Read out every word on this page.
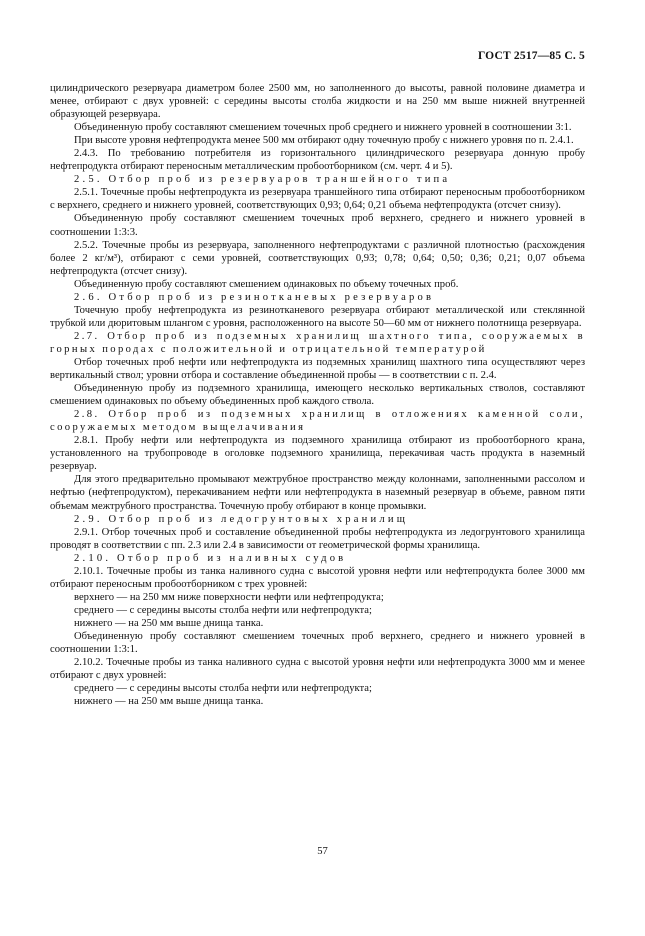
ГОСТ 2517—85 С. 5

цилиндрического резервуара диаметром более 2500 мм, но заполненного до высоты, равной половине диаметра и менее, отбирают с двух уровней: с середины высоты столба жидкости и на 250 мм выше нижней внутренней образующей резервуара.

Объединенную пробу составляют смешением точечных проб среднего и нижнего уровней в соотношении 3:1.

При высоте уровня нефтепродукта менее 500 мм отбирают одну точечную пробу с нижнего уровня по п. 2.4.1.

2.4.3. По требованию потребителя из горизонтального цилиндрического резервуара донную пробу нефтепродукта отбирают переносным металлическим пробоотборником (см. черт. 4 и 5).

2.5. Отбор проб из резервуаров траншейного типа

2.5.1. Точечные пробы нефтепродукта из резервуара траншейного типа отбирают переносным пробоотборником с верхнего, среднего и нижнего уровней, соответствующих 0,93; 0,64; 0,21 объема нефтепродукта (отсчет снизу).

Объединенную пробу составляют смешением точечных проб верхнего, среднего и нижнего уровней в соотношении 1:3:3.

2.5.2. Точечные пробы из резервуара, заполненного нефтепродуктами с различной плотностью (расхождения более 2 кг/м³), отбирают с семи уровней, соответствующих 0,93; 0,78; 0,64; 0,50; 0,36; 0,21; 0,07 объема нефтепродукта (отсчет снизу).

Объединенную пробу составляют смешением одинаковых по объему точечных проб.

2.6. Отбор проб из резинотканевых резервуаров

Точечную пробу нефтепродукта из резинотканевого резервуара отбирают металлической или стеклянной трубкой или дюритовым шлангом с уровня, расположенного на высоте 50—60 мм от нижнего полотнища резервуара.

2.7. Отбор проб из подземных хранилищ шахтного типа, сооружаемых в горных породах с положительной и отрицательной температурой

Отбор точечных проб нефти или нефтепродукта из подземных хранилищ шахтного типа осуществляют через вертикальный ствол; уровни отбора и составление объединенной пробы — в соответствии с п. 2.4.

Объединенную пробу из подземного хранилища, имеющего несколько вертикальных стволов, составляют смешением одинаковых по объему объединенных проб каждого ствола.

2.8. Отбор проб из подземных хранилищ в отложениях каменной соли, сооружаемых методом выщелачивания

2.8.1. Пробу нефти или нефтепродукта из подземного хранилища отбирают из пробоотборного крана, установленного на трубопроводе в оголовке подземного хранилища, перекачивая часть продукта в наземный резервуар.

Для этого предварительно промывают межтрубное пространство между колоннами, заполненными рассолом и нефтью (нефтепродуктом), перекачиванием нефти или нефтепродукта в наземный резервуар в объеме, равном пяти объемам межтрубного пространства. Точечную пробу отбирают в конце промывки.

2.9. Отбор проб из ледогрунтовых хранилищ

2.9.1. Отбор точечных проб и составление объединенной пробы нефтепродукта из ледогрунтового хранилища проводят в соответствии с пп. 2.3 или 2.4 в зависимости от геометрической формы хранилища.

2.10. Отбор проб из наливных судов

2.10.1. Точечные пробы из танка наливного судна с высотой уровня нефти или нефтепродукта более 3000 мм отбирают переносным пробоотборником с трех уровней:

верхнего — на 250 мм ниже поверхности нефти или нефтепродукта;

среднего — с середины высоты столба нефти или нефтепродукта;

нижнего — на 250 мм выше днища танка.

Объединенную пробу составляют смешением точечных проб верхнего, среднего и нижнего уровней в соотношении 1:3:1.

2.10.2. Точечные пробы из танка наливного судна с высотой уровня нефти или нефтепродукта 3000 мм и менее отбирают с двух уровней:

среднего — с середины высоты столба нефти или нефтепродукта;

нижнего — на 250 мм выше днища танка.

57
